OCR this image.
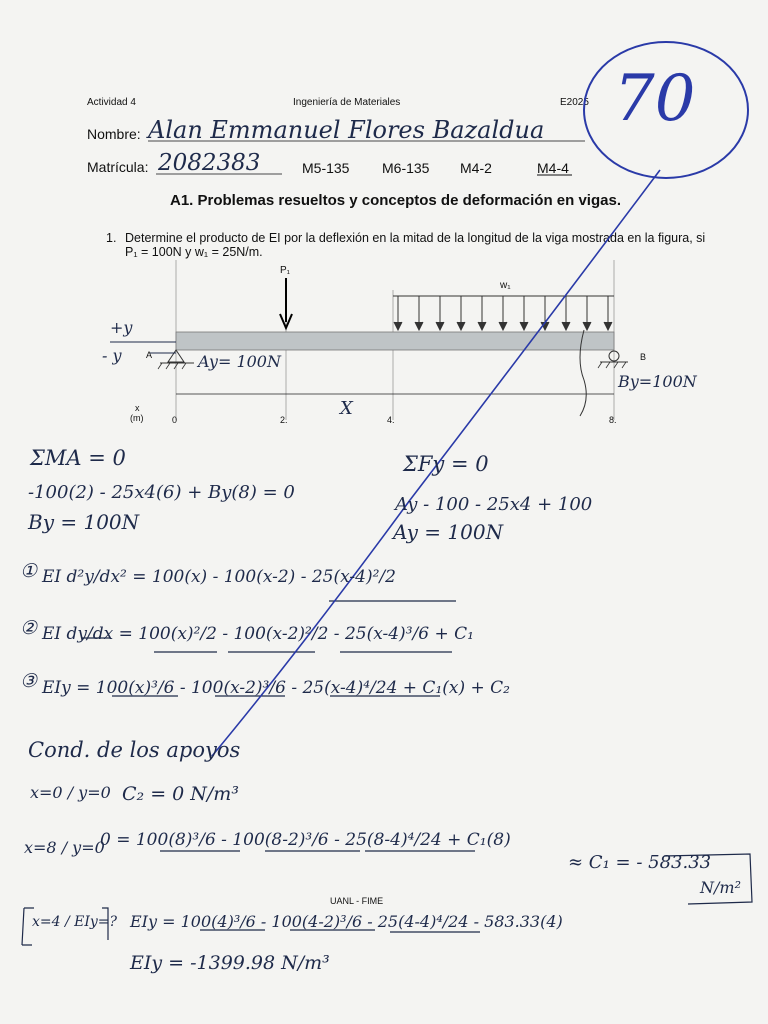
Actividad 4	Ingeniería de Materiales	E2025
Nombre: Alan Emmanuel Flores Bazaldua
Matrícula: 2082383	M5-135 M6-135 M4-2	M4-4
70
A1. Problemas resueltos y conceptos de deformación en vigas.
1. Determine el producto de EI por la deflexión en la mitad de la longitud de la viga mostrada en la figura, si P₁ = 100N y w₁ = 25N/m.
P₁
w₁
+y
- y	A	B
Ay= 100N
By=100N
x
(m)	X
0	2.	4.	8.
ΣMA = 0
-100(2) - 25x4(6) + By(8) = 0
By = 100N
ΣFy = 0
Ay - 100 - 25x4 + 100
Ay = 100N
① EI d²y/dx² = 100(x) - 100(x-2) - 25(x-4)²/2
② EI dy/dx = 100(x)²/2 - 100(x-2)²/2 - 25(x-4)³/6 + C₁
③ EIy = 100(x)³/6 - 100(x-2)³/6 - 25(x-4)⁴/24 + C₁(x) + C₂
Cond. de los apoyos
x=0 / y=0 C₂ = 0 N/m³
x=8 / y=0
0 = 100(8)³/6 - 100(8-2)³/6 - 25(8-4)⁴/24 + C₁(8)
≈ C₁ = - 583.33
N/m²
x=4 / EIy=? EIy = 100(4)³/6 - 100(4-2)³/6 - 25(4-4)⁴/24 - 583.33(4)
EIy = -1399.98 N/m³
UANL - FIME
